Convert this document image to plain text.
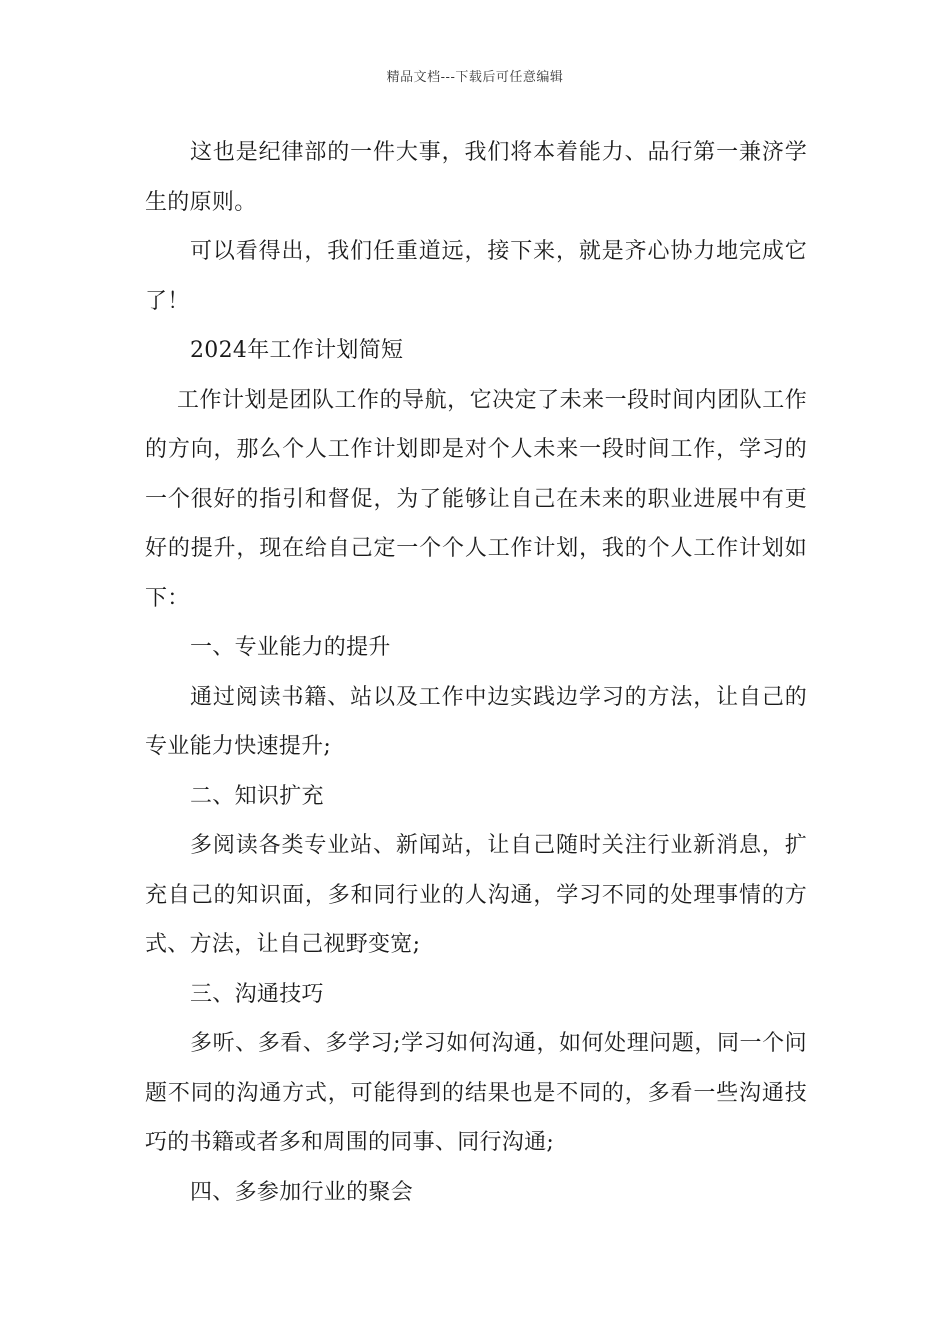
精品文档---下载后可任意编辑

这也是纪律部的一件大事，我们将本着能力、品行第一兼济学生的原则。

可以看得出，我们任重道远，接下来，就是齐心协力地完成它了！

2024年工作计划简短

工作计划是团队工作的导航，它决定了未来一段时间内团队工作的方向，那么个人工作计划即是对个人未来一段时间工作，学习的一个很好的指引和督促，为了能够让自己在未来的职业进展中有更好的提升，现在给自己定一个个人工作计划，我的个人工作计划如下：

一、专业能力的提升

通过阅读书籍、站以及工作中边实践边学习的方法，让自己的专业能力快速提升;

二、知识扩充

多阅读各类专业站、新闻站，让自己随时关注行业新消息，扩充自己的知识面，多和同行业的人沟通，学习不同的处理事情的方式、方法，让自己视野变宽;

三、沟通技巧

多听、多看、多学习;学习如何沟通，如何处理问题，同一个问题不同的沟通方式，可能得到的结果也是不同的，多看一些沟通技巧的书籍或者多和周围的同事、同行沟通;

四、多参加行业的聚会
